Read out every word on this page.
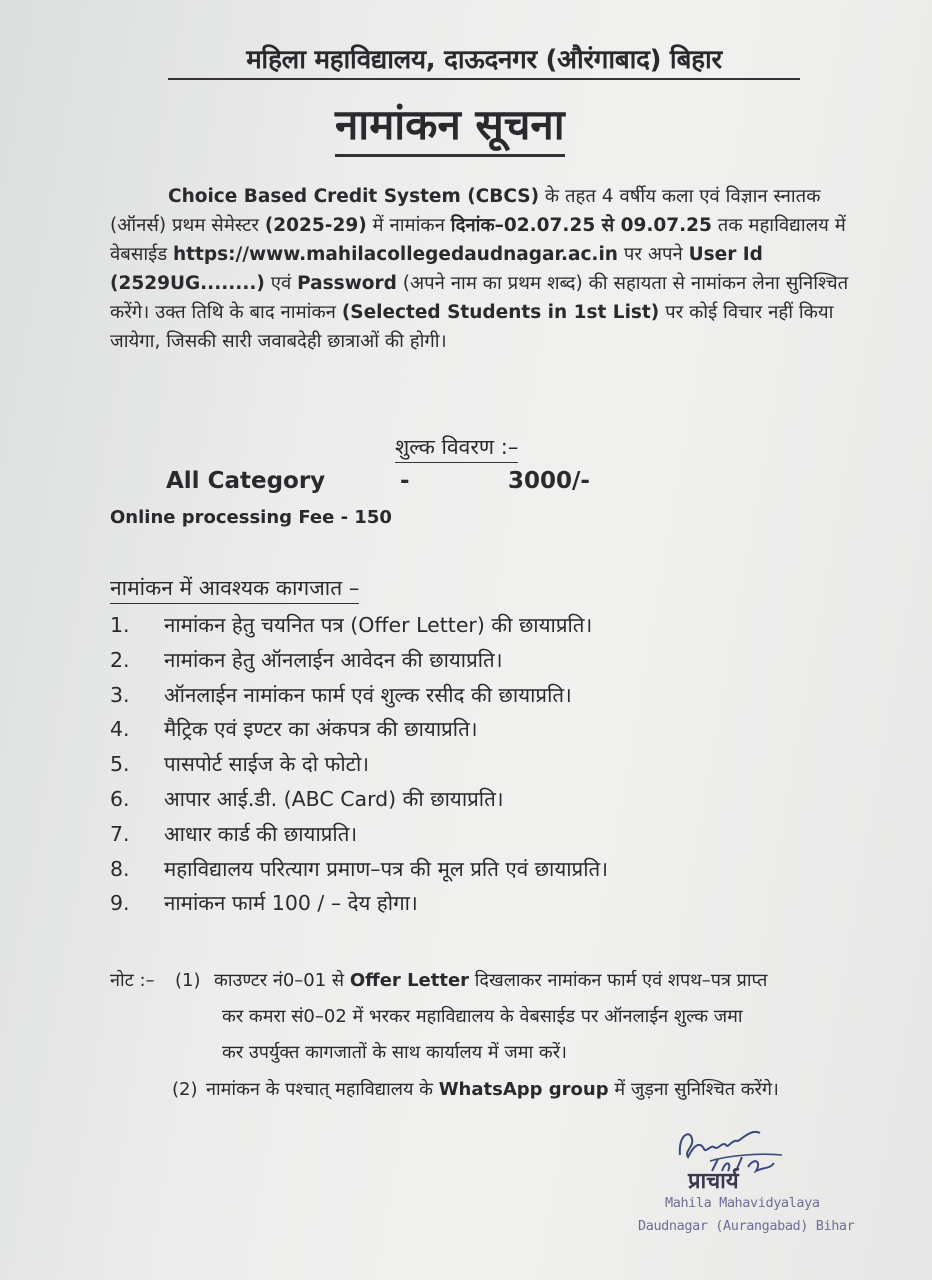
महिला महाविद्यालय, दाऊदनगर (औरंगाबाद) बिहार
नामांकन सूचना
Choice Based Credit System (CBCS) के तहत 4 वर्षीय कला एवं विज्ञान स्नातक (ऑनर्स) प्रथम सेमेस्टर (2025-29) में नामांकन दिनांक–02.07.25 से 09.07.25 तक महाविद्यालय में वेबसाईड https://www.mahilacollegedaudnagar.ac.in पर अपने User Id (2529UG........) एवं Password (अपने नाम का प्रथम शब्द) की सहायता से नामांकन लेना सुनिश्चित करेंगे। उक्त तिथि के बाद नामांकन (Selected Students in 1st List) पर कोई विचार नहीं किया जायेगा, जिसकी सारी जवाबदेही छात्राओं की होगी।
शुल्क विवरण :–
All Category	-	3000/-
Online processing Fee - 150
नामांकन में आवश्यक कागजात –
1.	नामांकन हेतु चयनित पत्र (Offer Letter) की छायाप्रति।
2.	नामांकन हेतु ऑनलाईन आवेदन की छायाप्रति।
3.	ऑनलाईन नामांकन फार्म एवं शुल्क रसीद की छायाप्रति।
4.	मैट्रिक एवं इण्टर का अंकपत्र की छायाप्रति।
5.	पासपोर्ट साईज के दो फोटो।
6.	आपार आई.डी. (ABC Card) की छायाप्रति।
7.	आधार कार्ड की छायाप्रति।
8.	महाविद्यालय परित्याग प्रमाण–पत्र की मूल प्रति एवं छायाप्रति।
9.	नामांकन फार्म 100 / – देय होगा।
नोट :– (1) काउण्टर नं0–01 से Offer Letter दिखलाकर नामांकन फार्म एवं शपथ–पत्र प्राप्त
कर कमरा सं0–02 में भरकर महाविद्यालय के वेबसाईड पर ऑनलाईन शुल्क जमा
कर उपर्युक्त कागजातों के साथ कार्यालय में जमा करें।
(2) नामांकन के पश्चात् महाविद्यालय के WhatsApp group में जुड़ना सुनिश्चित करेंगे।
प्राचार्य
Mahila Mahavidyalaya
Daudnagar (Aurangabad) Bihar
